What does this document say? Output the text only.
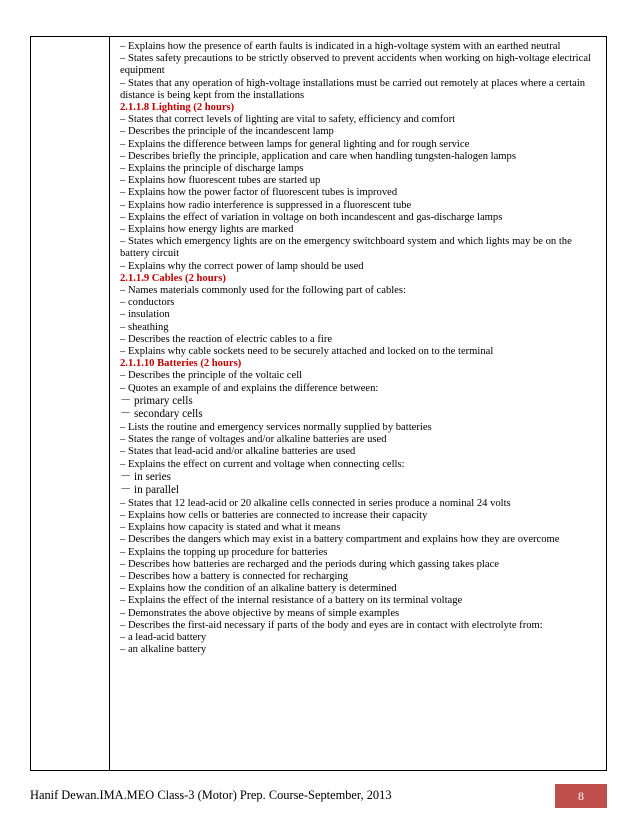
– Explains how the presence of earth faults is indicated in a high-voltage system with an earthed neutral
– States safety precautions to be strictly observed to prevent accidents when working on high-voltage electrical equipment
– States that any operation of high-voltage installations must be carried out remotely at places where a certain distance is being kept from the installations
2.1.1.8 Lighting (2 hours)
– States that correct levels of lighting are vital to safety, efficiency and comfort
– Describes the principle of the incandescent lamp
– Explains the difference between lamps for general lighting and for rough service
– Describes briefly the principle, application and care when handling tungsten-halogen lamps
– Explains the principle of discharge lamps
– Explains how fluorescent tubes are started up
– Explains how the power factor of fluorescent tubes is improved
– Explains how radio interference is suppressed in a fluorescent tube
– Explains the effect of variation in voltage on both incandescent and gas-discharge lamps
– Explains how energy lights are marked
– States which emergency lights are on the emergency switchboard system and which lights may be on the battery circuit
– Explains why the correct power of lamp should be used
2.1.1.9 Cables (2 hours)
– Names materials commonly used for the following part of cables:
– conductors
– insulation
– sheathing
– Describes the reaction of electric cables to a fire
– Explains why cable sockets need to be securely attached and locked on to the terminal
2.1.1.10 Batteries (2 hours)
– Describes the principle of the voltaic cell
– Quotes an example of and explains the difference between:
－ primary cells
－ secondary cells
– Lists the routine and emergency services normally supplied by batteries
– States the range of voltages and/or alkaline batteries are used
– States that lead-acid and/or alkaline batteries are used
– Explains the effect on current and voltage when connecting cells:
－ in series
－ in parallel
– States that 12 lead-acid or 20 alkaline cells connected in series produce a nominal 24 volts
– Explains how cells or batteries are connected to increase their capacity
– Explains how capacity is stated and what it means
– Describes the dangers which may exist in a battery compartment and explains how they are overcome
– Explains the topping up procedure for batteries
– Describes how batteries are recharged and the periods during which gassing takes place
– Describes how a battery is connected for recharging
– Explains how the condition of an alkaline battery is determined
– Explains the effect of the internal resistance of a battery on its terminal voltage
– Demonstrates the above objective by means of simple examples
– Describes the first-aid necessary if parts of the body and eyes are in contact with electrolyte from:
– a lead-acid battery
– an alkaline battery
Hanif Dewan.IMA.MEO Class-3 (Motor) Prep. Course-September, 2013	8
